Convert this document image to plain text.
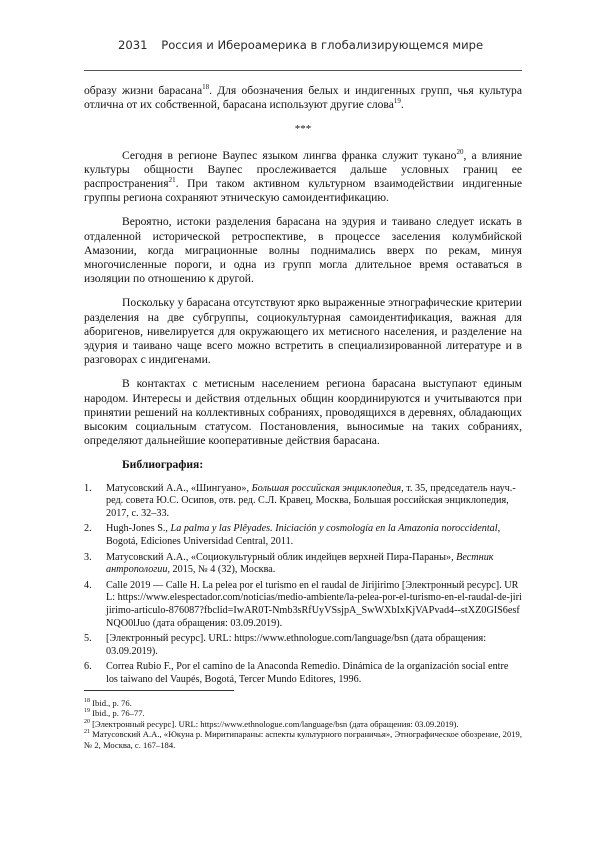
2031 Россия и Ибероамерика в глобализирующемся мире

образу жизни барасана$^{18}$. Для обозначения белых и индигенных групп, чья культура отлична от их собственной, барасана используют другие слова$^{19}$.

***

Сегодня в регионе Ваупес языком лингва франка служит тукано$^{20}$, а влияние культуры общности Ваупес прослеживается дальше условных границ ее распространения$^{21}$. При таком активном культурном взаимодействии индигенные группы региона сохраняют этническую самоидентификацию.

Вероятно, истоки разделения барасана на эдурия и таивано следует искать в отдаленной исторической ретроспективе, в процессе заселения колумбийской Амазонии, когда миграционные волны поднимались вверх по рекам, минуя многочисленные пороги, и одна из групп могла длительное время оставаться в изоляции по отношению к другой.

Поскольку у барасана отсутствуют ярко выраженные этнографические критерии разделения на две субгруппы, социокультурная самоидентификация, важная для аборигенов, нивелируется для окружающего их метисного населения, и разделение на эдурия и таивано чаще всего можно встретить в специализированной литературе и в разговорах с индигенами.

В контактах с метисным населением региона барасана выступают единым народом. Интересы и действия отдельных общин координируются и учитываются при принятии решений на коллективных собраниях, проводящихся в деревнях, обладающих высоким социальным статусом. Постановления, выносимые на таких собраниях, определяют дальнейшие кооперативные действия барасана.

Библиография:
1. Матусовский А.А., «Шингуано», Большая российская энциклопедия, т. 35, председатель науч.-ред. совета Ю.С. Осипов, отв. ред. С.Л. Кравец, Москва, Большая российская энциклопедия, 2017, с. 32–33.
2. Hugh-Jones S., La palma y las Plêyades. Iniciación y cosmología en la Amazonia noroccidental, Bogotá, Ediciones Universidad Central, 2011.
3. Матусовский А.А., «Социокультурный облик индейцев верхней Пира-Параны», Вестник антропологии, 2015, № 4 (32), Москва.
4. Calle 2019 — Calle H. La pelea por el turismo en el raudal de Jirijirimo [Электронный ресурс]. URL: https://www.elespectador.com/noticias/medio-ambiente/la-pelea-por-el-turismo-en-el-raudal-de-jirijirimo-articulo-876087?fbclid=IwAR0T-Nmb3sRfUyVSsjpA_SwWXbIxKjVAPvad4--stXZ0GIS6esfNQO0lJuo (дата обращения: 03.09.2019).
5. [Электронный ресурс]. URL: https://www.ethnologue.com/language/bsn (дата обращения: 03.09.2019).
6. Correa Rubio F., Por el camino de la Anaconda Remedio. Dinámica de la organización social entre los taiwano del Vaupés, Bogotá, Tercer Mundo Editores, 1996.
$^{18}$ Ibid., p. 76.
$^{19}$ Ibid., p. 76–77.
$^{20}$ [Электронный ресурс]. URL: https://www.ethnologue.com/language/bsn (дата обращения: 03.09.2019).
$^{21}$ Матусовский А.А., «Юкуна р. Миритипараны: аспекты культурного пограничья», Этнографическое обозрение, 2019, № 2, Москва, с. 167–184.
